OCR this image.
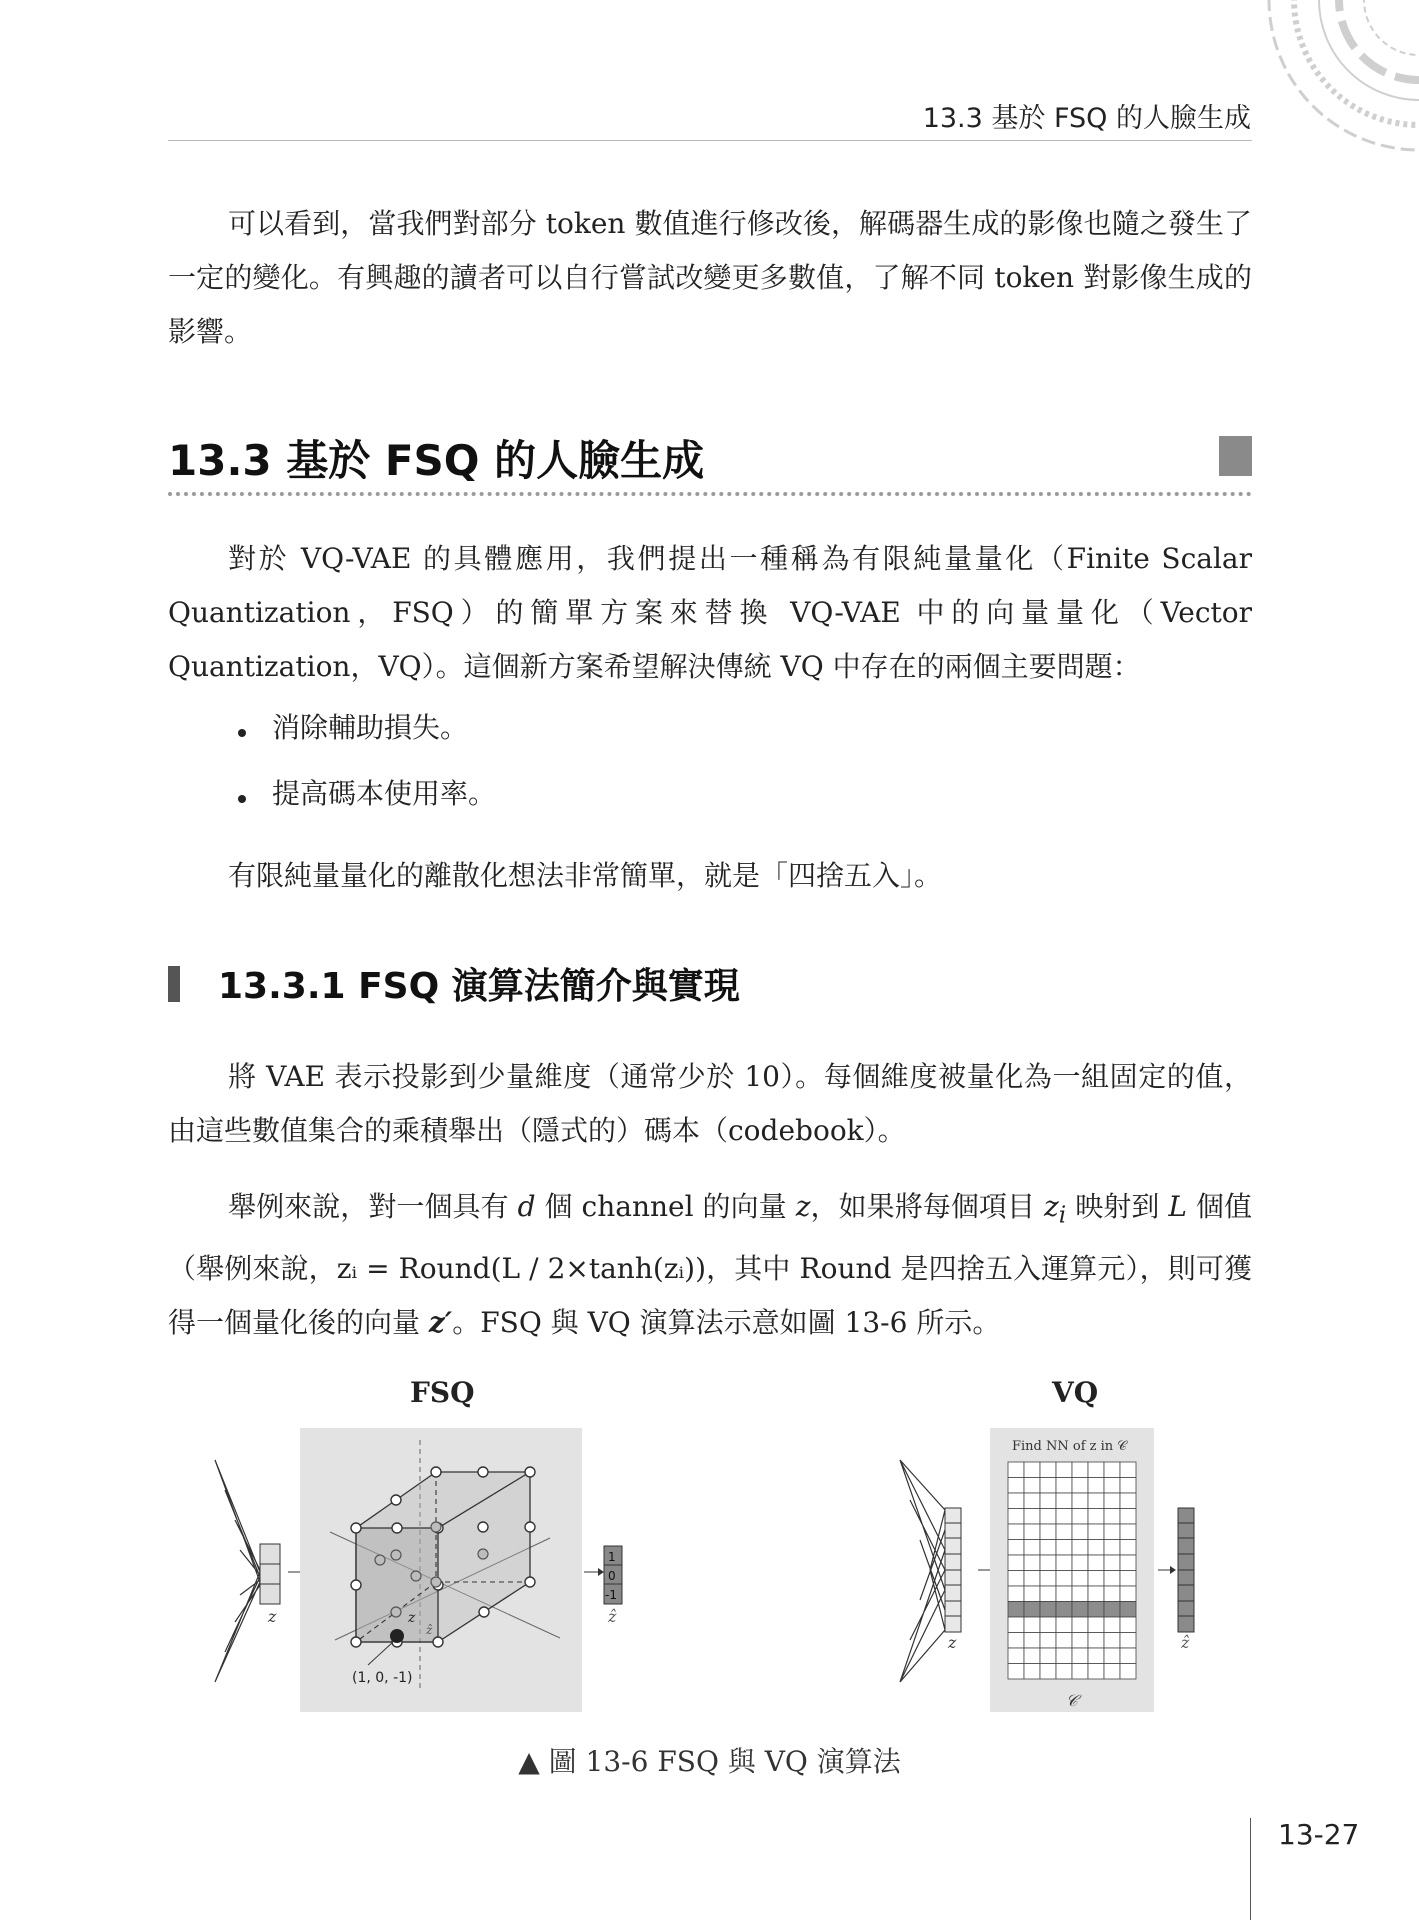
13.3 基於 FSQ 的人臉生成
可以看到，當我們對部分 token 數值進行修改後，解碼器生成的影像也隨之發生了一定的變化。有興趣的讀者可以自行嘗試改變更多數值，了解不同 token 對影像生成的影響。
13.3 基於 FSQ 的人臉生成
對於 VQ-VAE 的具體應用，我們提出一種稱為有限純量量化（Finite Scalar Quantization，FSQ）的簡單方案來替換 VQ-VAE 中的向量量化（Vector Quantization，VQ）。這個新方案希望解決傳統 VQ 中存在的兩個主要問題：
消除輔助損失。
提高碼本使用率。
有限純量量化的離散化想法非常簡單，就是「四捨五入」。
13.3.1 FSQ 演算法簡介與實現
將 VAE 表示投影到少量維度（通常少於 10）。每個維度被量化為一組固定的值，由這些數值集合的乘積舉出（隱式的）碼本（codebook）。
舉例來說，對一個具有 d 個 channel 的向量 z，如果將每個項目 $z_i$ 映射到 L 個值（舉例來說，zᵢ = Round(L / 2×tanh(zᵢ))，其中 Round 是四捨五入運算元），則可獲得一個量化後的向量 z′。FSQ 與 VQ 演算法示意如圖 13-6 所示。
FSQ	VQ
z	z
ẑ
(1, 0, -1)
1
0
-1
ẑ
z
Find NN of z in 𝒞
𝒞
ẑ
▲ 圖 13-6 FSQ 與 VQ 演算法
13-27
